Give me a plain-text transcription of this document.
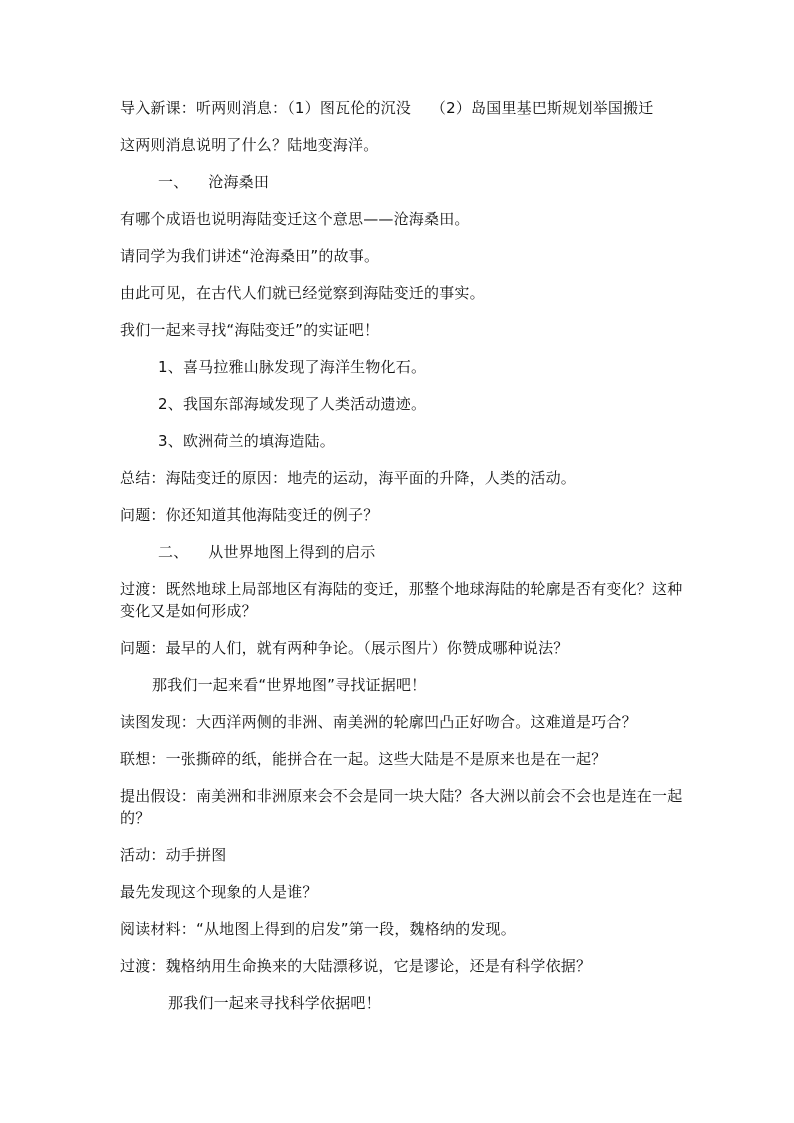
导入新课：听两则消息：（1）图瓦伦的沉没    （2）岛国里基巴斯规划举国搬迁

这两则消息说明了什么？陆地变海洋。

一、    沧海桑田

有哪个成语也说明海陆变迁这个意思——沧海桑田。

请同学为我们讲述“沧海桑田”的故事。

由此可见，在古代人们就已经觉察到海陆变迁的事实。

我们一起来寻找“海陆变迁”的实证吧！

1、喜马拉雅山脉发现了海洋生物化石。

2、我国东部海域发现了人类活动遗迹。

3、欧洲荷兰的填海造陆。

总结：海陆变迁的原因：地壳的运动，海平面的升降，人类的活动。

问题：你还知道其他海陆变迁的例子？

二、    从世界地图上得到的启示

过渡：既然地球上局部地区有海陆的变迁，那整个地球海陆的轮廓是否有变化？这种变化又是如何形成？

问题：最早的人们，就有两种争论。（展示图片）你赞成哪种说法？

那我们一起来看“世界地图”寻找证据吧！

读图发现：大西洋两侧的非洲、南美洲的轮廓凹凸正好吻合。这难道是巧合？

联想：一张撕碎的纸，能拼合在一起。这些大陆是不是原来也是在一起？

提出假设：南美洲和非洲原来会不会是同一块大陆？各大洲以前会不会也是连在一起的？

活动：动手拼图

最先发现这个现象的人是谁？

阅读材料：“从地图上得到的启发”第一段，魏格纳的发现。

过渡：魏格纳用生命换来的大陆漂移说，它是谬论，还是有科学依据？

那我们一起来寻找科学依据吧！
